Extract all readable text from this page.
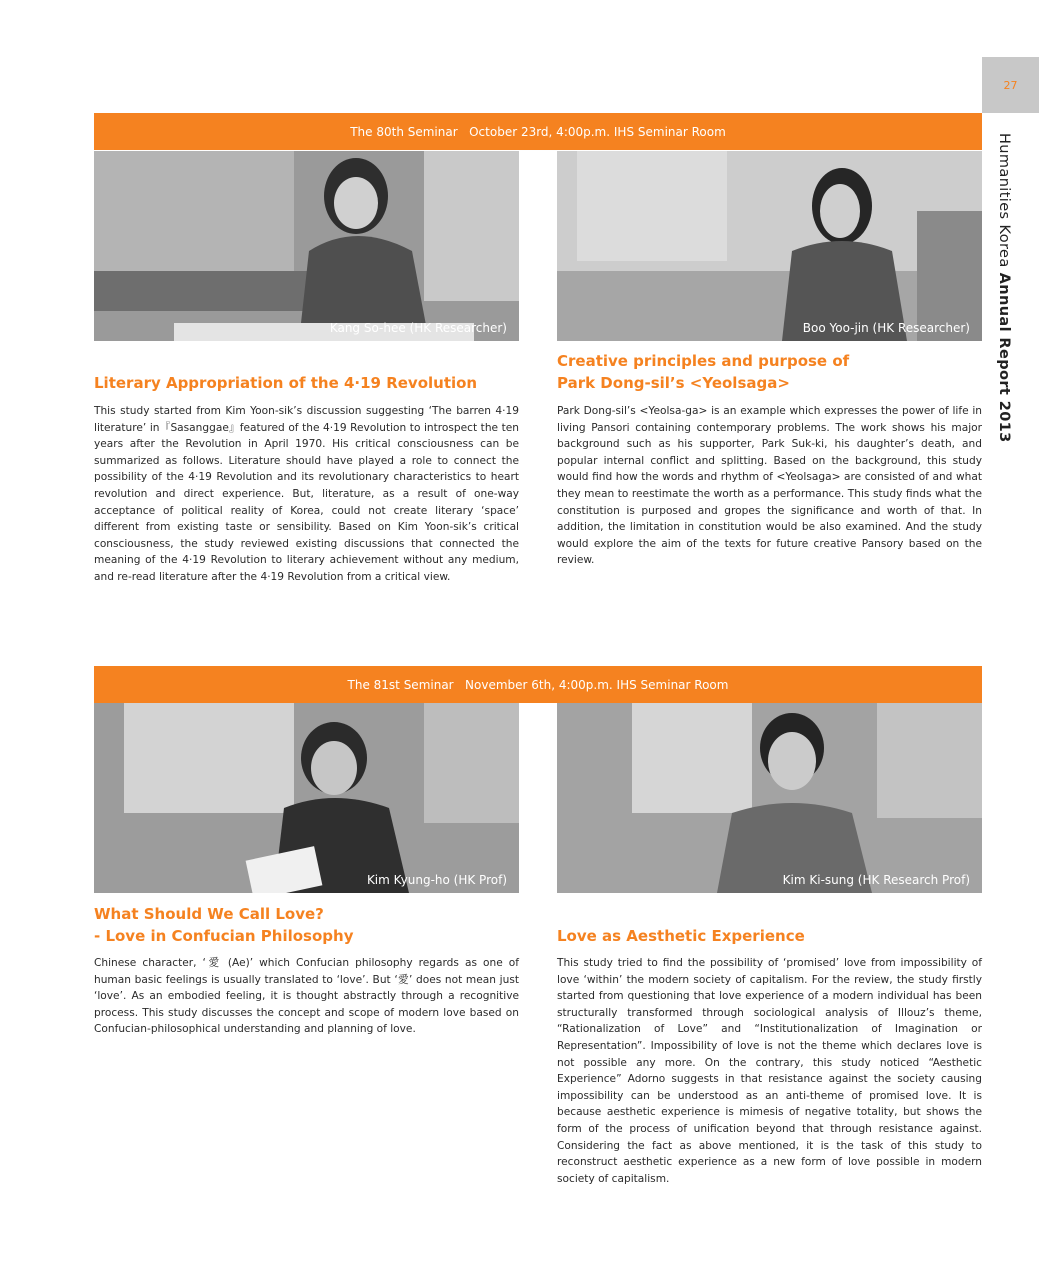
27
Humanities Korea Annual Report 2013
The 80th Seminar   October 23rd, 4:00p.m. IHS Seminar Room
Kang So-hee (HK Researcher)	Boo Yoo-jin (HK Researcher)
Literary Appropriation of the 4·19 Revolution

This study started from Kim Yoon-sik’s discussion suggesting ‘The barren 4·19 literature’ in『Sasanggae』featured of the 4·19 Revolution to introspect the ten years after the Revolution in April 1970. His critical consciousness can be summarized as follows. Literature should have played a role to connect the possibility of the 4·19 Revolution and its revolutionary characteristics to heart revolution and direct experience. But, literature, as a result of one-way acceptance of political reality of Korea, could not create literary ‘space’ different from existing taste or sensibility. Based on Kim Yoon-sik’s critical consciousness, the study reviewed existing discussions that connected the meaning of the 4·19 Revolution to literary achievement without any medium, and re-read literature after the 4·19 Revolution from a critical view.

Creative principles and purpose of
Park Dong-sil’s <Yeolsaga>

Park Dong-sil’s <Yeolsa-ga> is an example which expresses the power of life in living Pansori containing contemporary problems. The work shows his major background such as his supporter, Park Suk-ki, his daughter’s death, and popular internal conflict and splitting. Based on the background, this study would find how the words and rhythm of <Yeolsaga> are consisted of and what they mean to reestimate the worth as a performance. This study finds what the constitution is purposed and gropes the significance and worth of that. In addition, the limitation in constitution would be also examined. And the study would explore the aim of the texts for future creative Pansory based on the review.

The 81st Seminar   November 6th, 4:00p.m. IHS Seminar Room
Kim Kyung-ho (HK Prof)	Kim Ki-sung (HK Research Prof)
What Should We Call Love?
- Love in Confucian Philosophy

Chinese character, ‘愛 (Ae)’ which Confucian philosophy regards as one of human basic feelings is usually translated to ‘love’. But ‘愛’ does not mean just ‘love’. As an embodied feeling, it is thought abstractly through a recognitive process. This study discusses the concept and scope of modern love based on Confucian-philosophical understanding and planning of love.

Love as Aesthetic Experience

This study tried to find the possibility of ‘promised’ love from impossibility of love ‘within’ the modern society of capitalism. For the review, the study firstly started from questioning that love experience of a modern individual has been structurally transformed through sociological analysis of Illouz’s theme, “Rationalization of Love” and “Institutionalization of Imagination or Representation”. Impossibility of love is not the theme which declares love is not possible any more. On the contrary, this study noticed “Aesthetic Experience” Adorno suggests in that resistance against the society causing impossibility can be understood as an anti-theme of promised love. It is because aesthetic experience is mimesis of negative totality, but shows the form of the process of unification beyond that through resistance against. Considering the fact as above mentioned, it is the task of this study to reconstruct aesthetic experience as a new form of love possible in modern society of capitalism.
